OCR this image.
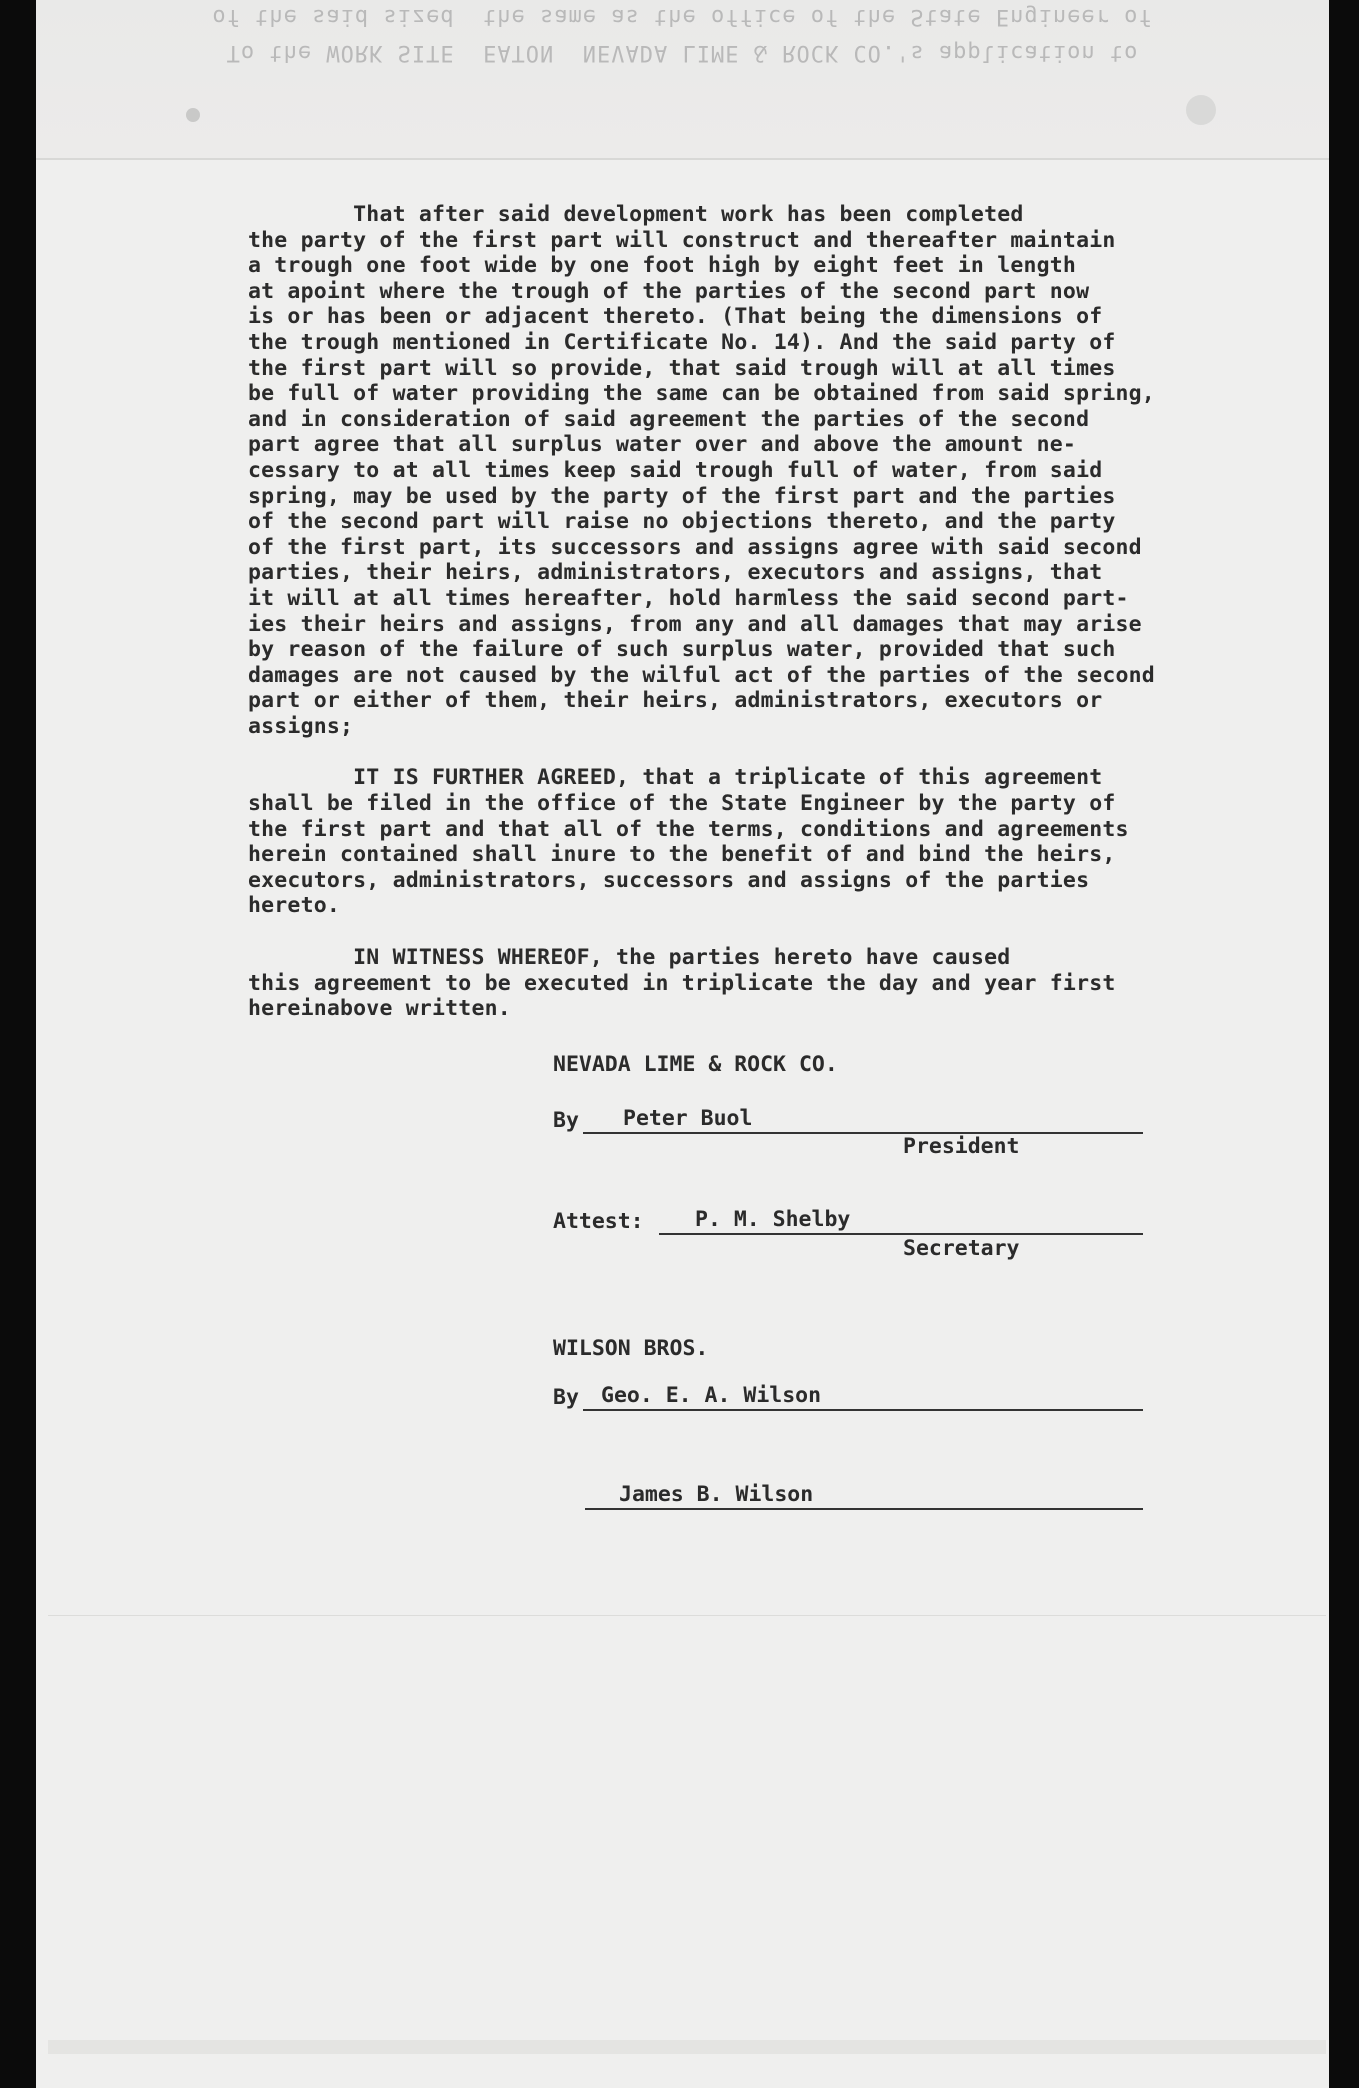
of the said sized  the same as the office of the State Engineer of
To the WORK SITE  EATON  NEVADA LIME & ROCK CO.'s application to

That after said development work has been completed

the party of the first part will construct and thereafter maintain

a trough one foot wide by one foot high by eight feet in length

at apoint where the trough of the parties of the second part now

is or has been or adjacent thereto. (That being the dimensions of

the trough mentioned in Certificate No. 14). And the said party of

the first part will so provide, that said trough will at all times

be full of water providing the same can be obtained from said spring,

and in consideration of said agreement the parties of the second

part agree that all surplus water over and above the amount ne-

cessary to at all times keep said trough full of water, from said

spring, may be used by the party of the first part and the parties

of the second part will raise no objections thereto, and the party

of the first part, its successors and assigns agree with said second

parties, their heirs, administrators, executors and assigns, that

it will at all times hereafter, hold harmless the said second part-

ies their heirs and assigns, from any and all damages that may arise

by reason of the failure of such surplus water, provided that such

damages are not caused by the wilful act of the parties of the second

part or either of them, their heirs, administrators, executors or

assigns;

IT IS FURTHER AGREED, that a triplicate of this agreement

shall be filed in the office of the State Engineer by the party of

the first part and that all of the terms, conditions and agreements

herein contained shall inure to the benefit of and bind the heirs,

executors, administrators, successors and assigns of the parties

hereto.

IN WITNESS WHEREOF, the parties hereto have caused

this agreement to be executed in triplicate the day and year first

hereinabove written.

NEVADA LIME & ROCK CO.
By Peter Buol
President
Attest: P. M. Shelby
Secretary
WILSON BROS.
By Geo. E. A. Wilson
James B. Wilson
